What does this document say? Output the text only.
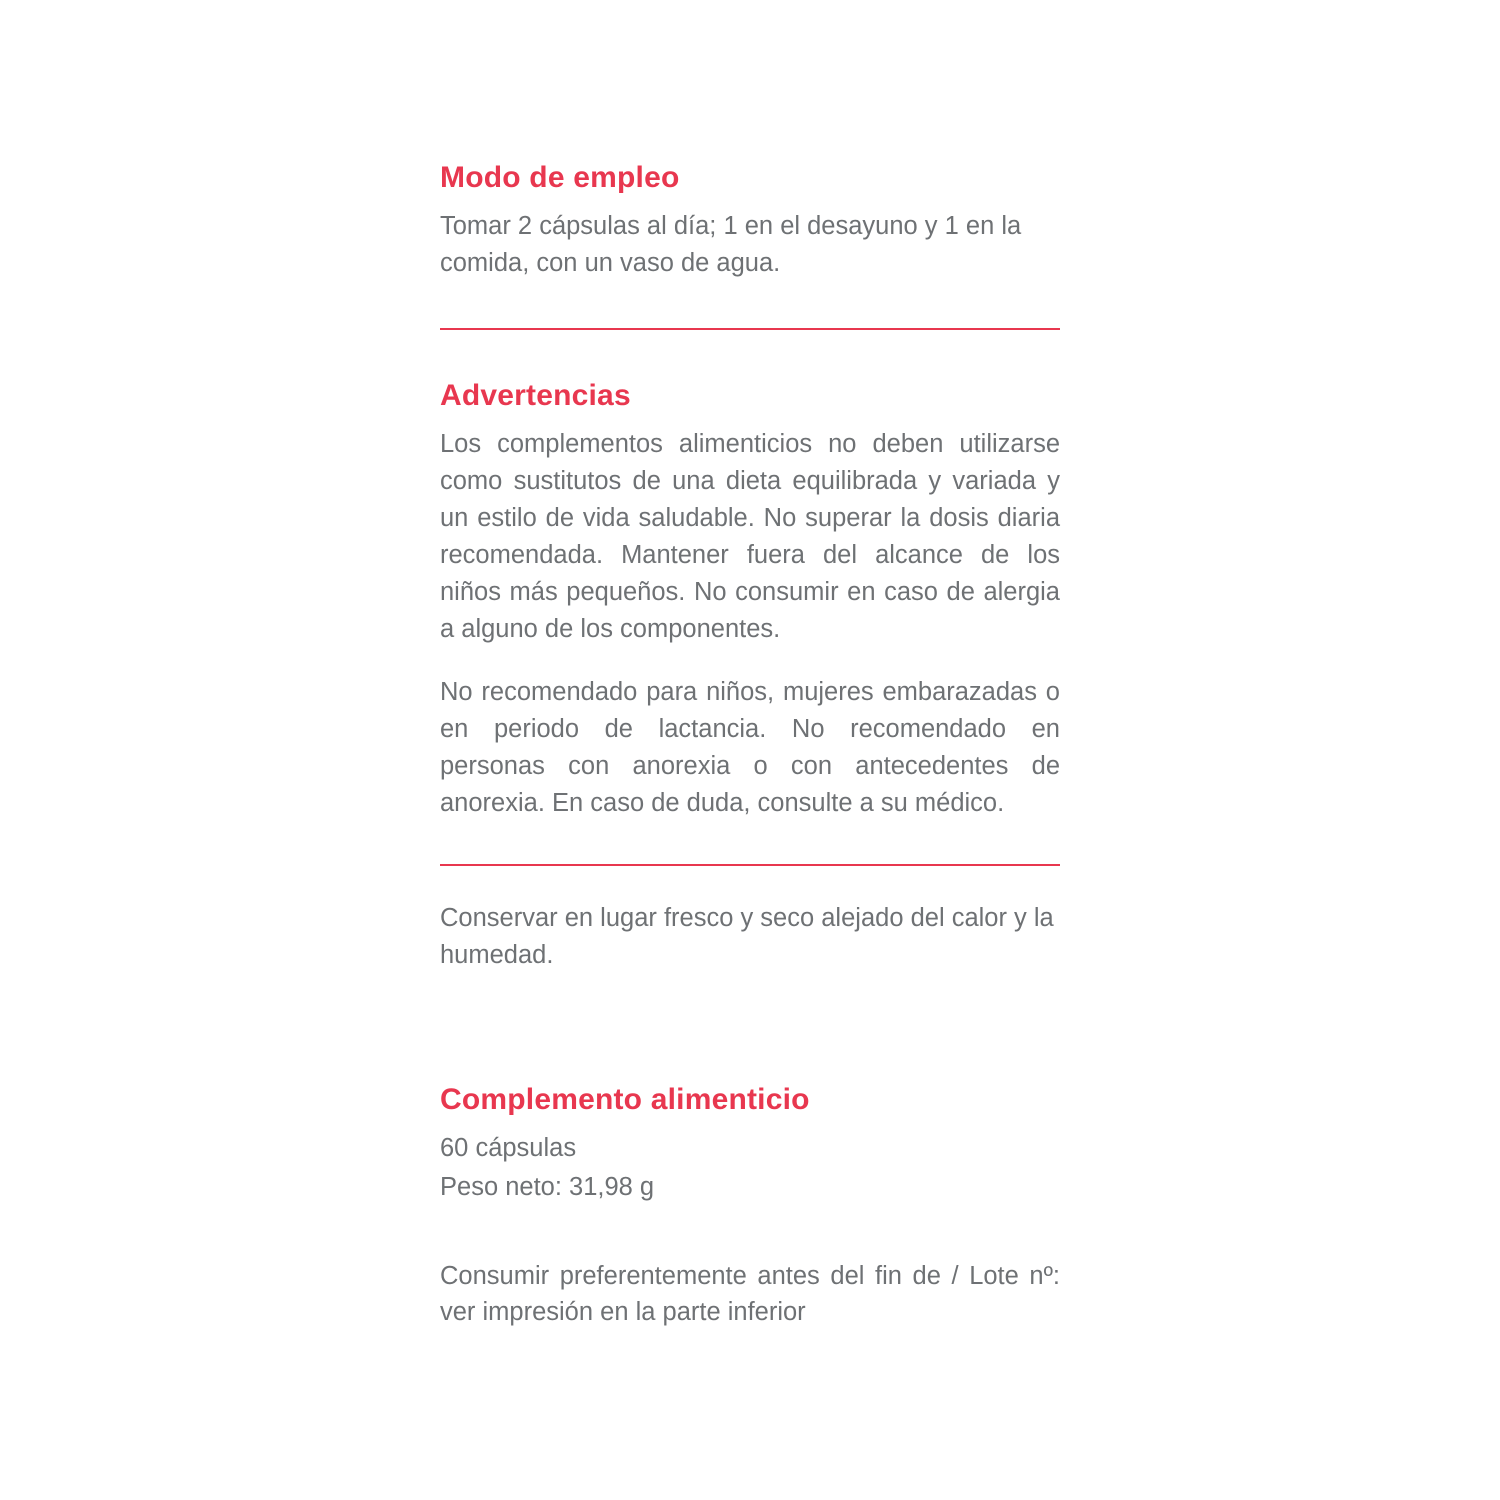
Modo de empleo

Tomar 2 cápsulas al día; 1 en el desayuno y 1 en la comida, con un vaso de agua.

Advertencias

Los complementos alimenticios no deben utilizarse como sustitutos de una dieta equilibrada y variada y un estilo de vida saludable. No superar la dosis diaria recomendada. Mantener fuera del alcance de los niños más pequeños. No consumir en caso de alergia a alguno de los componentes.

No recomendado para niños, mujeres embarazadas o en periodo de lactancia. No recomendado en personas con anorexia o con antecedentes de anorexia. En caso de duda, consulte a su médico.

Conservar en lugar fresco y seco alejado del calor y la humedad.

Complemento alimenticio

60 cápsulas

Peso neto: 31,98 g

Consumir preferentemente antes del fin de / Lote nº: ver impresión en la parte inferior
